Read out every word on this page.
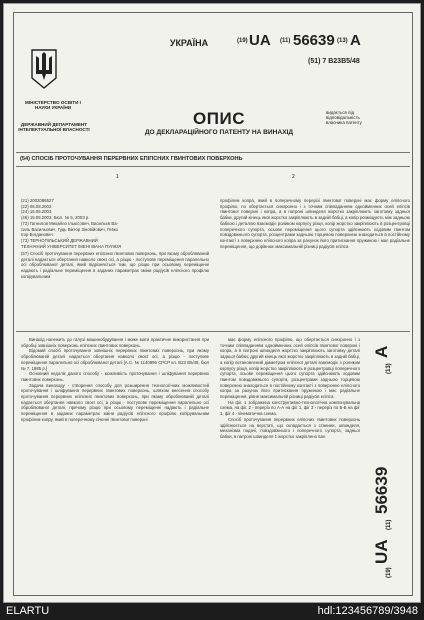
УКРАЇНА
МІНІСТЕРСТВО ОСВІТИ І НАУКИ УКРАЇНИ
ДЕРЖАВНИЙ ДЕПАРТАМЕНТ ІНТЕЛЕКТУАЛЬНОЇ ВЛАСНОСТІ
(19) UA (11) 56639 (13) A
(51) 7 B23B5/48
видається під відповідальність власника патенту
ОПИС
ДО ДЕКЛАРАЦІЙНОГО ПАТЕНТУ НА ВИНАХІД
(54) СПОСІБ ПРОТОЧУВАННЯ ПЕРЕРВНИХ ЕПІПСНИХ ГВИНТОВИХ ПОВЕРХОНЬ
1	2
(21) 2002086527
(22) 06.08.2002
(24) 15.05.2003
(46) 15.05.2003, Бюл. № 5, 2003 р.
(72) Гагнилов Михайло Ільюсович, Васильєв Ва-
силь Васильович, Гудь Віктор Зіновійович, Гевко
Ігор Богданович
(73) ТЕРНОПІЛЬСЬКИЙ ДЕРЖАВНИЙ
ТЕХНІЧНИЙ УНІВЕРСИТЕТ ІМЕНІ ІВАНА ПУЛЮЯ

(57) Спосіб проточування перервних епіпсних гвинтових поверхонь, при якому обробляваний деталі надається обертання навколо своєї осі, а різцю - поступове переміщення паралельно осі оброблюваної деталі, який відрізняється тим, що різцю при осьовому переміщенні надають і радіальне переміщення в заданих параметрах зміни радіусів еліпсного профілю копірувальним

профілем копра, який в поперечному перерізі гвинтової поверхні має форму еліпсного профілю, по обертається синхронно і з точним співпаданням однойменних осей еліпсів гвинтової поверхні і копра, а в патроні шпинделя жорстко закріплюють заготовку задньої бабки, другий кінець якої жорстко закріплюють в задній бабці, а копір розміщують між задньою бабкою і деталлю взаємодіє роликом корпусу різця, копір жорстко закріплюють в розцентровці поперечного супорта, осьове переміщення цього супорта здійснюють ходовим гвинтом повздовжнього супорта, розцентрами задньою торцевою поверхнею знаходиться в постійному контакті з поверхнею еліпсного копра за рахунок його притискання пружиною і має радіальне переміщення, що дорівнює максимальній різниці радіусів еліпса

Винахід належить до галузі машинобудування і може мати практичне використання при обробці зовнішніх поверхонь еліпсних гвинтових поверхонь.

Відомий спосіб проточування зовнішніх перервних гвинтових поверхонь, при якому оброблюваній деталі надається обертання навколо своєї осі, а різцю - поступове переміщення паралельно осі оброблюваної деталі [А.С. № 1140896 СРСР кл. В23 В5/48, бюл № 7, 1985 р.]

Основний недолік даного способу - можливість проточування і шліфування перервних гвинтових поверхонь.

Задача винаходу - створення способу для розширення технологічних можливостей проточування і шліфування перервних гвинтових поверхонь, шляхом внесення способу проточування перервних еліпсних гвинтових поверхонь, при якому оброблюваній деталі надається обертання навколо своєї осі, а різцю - поступове переміщення паралельно осі оброблюваної деталі, причому різцю при осьовому переміщенні надають і радіальне переміщення в заданих параметрах зміни радіусів еліпсного профілю копірувальним профілем копру, який в поперечному січенні гвинтової поверхні

має форму еліпсного профілю, що обертається синхронно і з точним співпаданням однойменних осей еліпсів гвинтової поверхні і копра, а в патроні шпинделя жорстко закріплюють заготовку деталі задньої бабки, другий кінець якої жорстко закріплюють в задній бабці, а копір встановлений діаметром еліпсної деталі взаємодіє з роликом корпусу різця, копір жорстко закріплюють в розцентровці поперечного супорта, осьове переміщення цього супорта здійснюють ходовим гвинтом повздовжнього супорта, розцентрами задньою торцевою поверхнею знаходиться в постійному контакті з поверхнею еліпсного копра за рахунок його притискання пружиною і має радіальне переміщення, рівне максимальній різниці радіусів еліпса.

На фіг. 1 зображена конструктивно-технологічна компонувальна схема, на фіг. 2 - переріз по А-А на фіг 1, фіг 3 - переріз по Б-Б на фіг 1, фіг 4 - кінематична схема.

Спосіб проточування перервних еліпсних гвинтових поверхонь здійснюється на верстаті, що складається з станини, шпинделя, механізма подачі, повздовжнього і поперечного супорта, задньої бабки, в патроні шпинделя 1 жорстко закріплено вал

(19)
UA
(11)
56639
(13)
A
ELARTU	hdl:123456789/3948
